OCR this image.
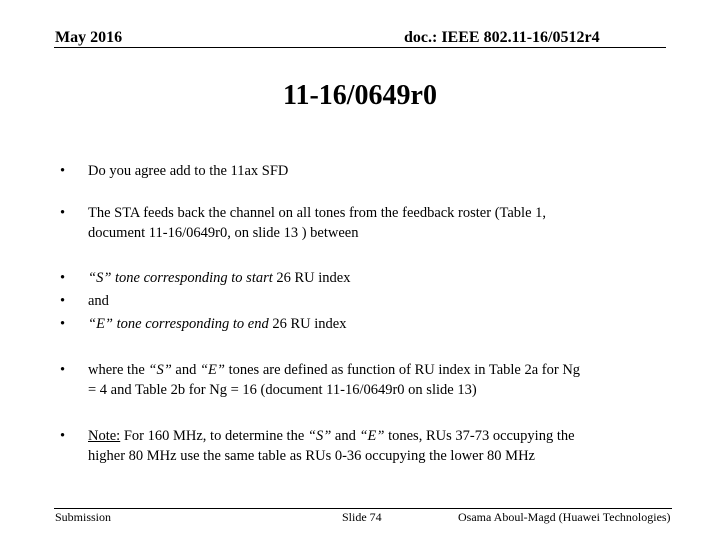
May 2016	doc.: IEEE 802.11-16/0512r4
11-16/0649r0
• Do you agree add to the 11ax SFD
• The STA feeds back the channel on all tones from the feedback roster (Table 1,
document 11-16/0649r0, on slide 13 ) between
• “S” tone corresponding to start 26 RU index
• and
• “E” tone corresponding to end 26 RU index
• where the “S” and “E” tones are defined as function of RU index in Table 2a for Ng
= 4 and Table 2b for Ng = 16 (document 11-16/0649r0 on slide 13)
• Note: For 160 MHz, to determine the “S” and “E” tones, RUs 37-73 occupying the
higher 80 MHz use the same table as RUs 0-36 occupying the lower 80 MHz
Submission	Slide 74	Osama Aboul-Magd (Huawei Technologies)
